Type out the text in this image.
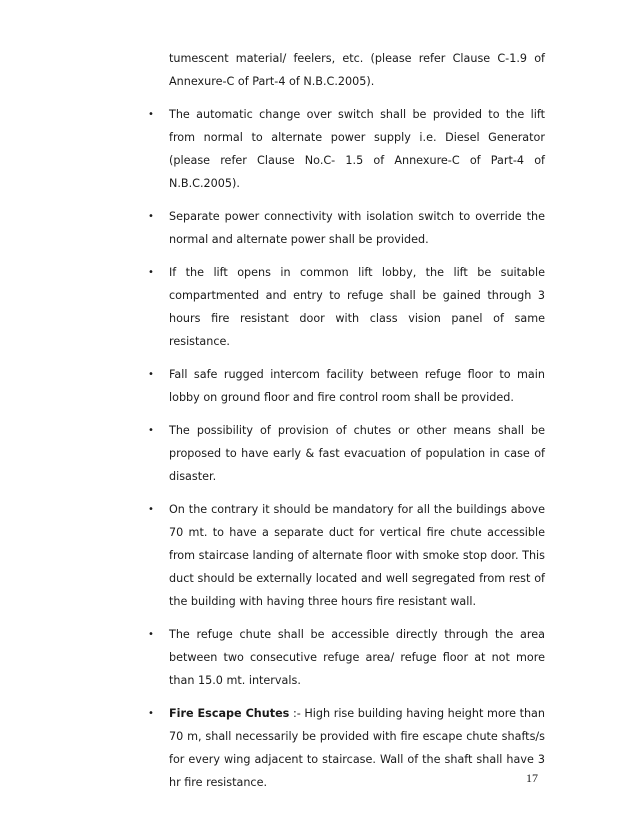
tumescent material/ feelers, etc. (please refer Clause C-1.9 of Annexure-C of Part-4 of N.B.C.2005).

• The automatic change over switch shall be provided to the lift from normal to alternate power supply i.e. Diesel Generator (please refer Clause No.C- 1.5 of Annexure-C of Part-4 of N.B.C.2005).

• Separate power connectivity with isolation switch to override the normal and alternate power shall be provided.

• If the lift opens in common lift lobby, the lift be suitable compartmented and entry to refuge shall be gained through 3 hours fire resistant door with class vision panel of same resistance.

• Fall safe rugged intercom facility between refuge floor to main lobby on ground floor and fire control room shall be provided.

• The possibility of provision of chutes or other means shall be proposed to have early & fast evacuation of population in case of disaster.

• On the contrary it should be mandatory for all the buildings above 70 mt. to have a separate duct for vertical fire chute accessible from staircase landing of alternate floor with smoke stop door. This duct should be externally located and well segregated from rest of the building with having three hours fire resistant wall.

• The refuge chute shall be accessible directly through the area between two consecutive refuge area/ refuge floor at not more than 15.0 mt. intervals.

• Fire Escape Chutes :- High rise building having height more than 70 m, shall necessarily be provided with fire escape chute shafts/s for every wing adjacent to staircase. Wall of the shaft shall have 3 hr fire resistance.	17
